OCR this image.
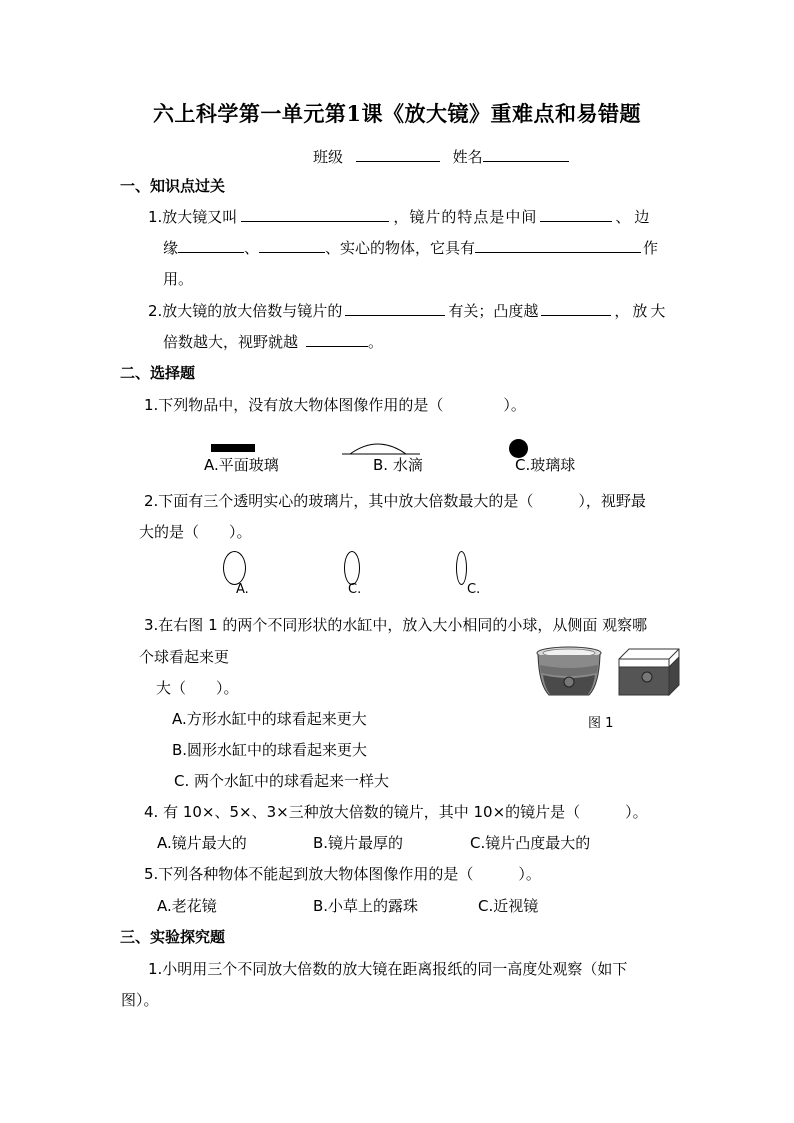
六上科学第一单元第1课《放大镜》重难点和易错题
班级	姓名
一、知识点过关
1.放大镜又叫	，镜片的特点是中间	、边
缘	、	、实心的物体，它具有	作
用。
2.放大镜的放大倍数与镜片的	有关；凸度越	，放大
倍数越大，视野就越	。
二、选择题
1.下列物品中，没有放大物体图像作用的是（　　　　）。
A.平面玻璃	B. 水滴	C.玻璃球
2.下面有三个透明实心的玻璃片，其中放大倍数最大的是（　　　），视野最
大的是（　　）。
A.	C.	C.
3.在右图 1 的两个不同形状的水缸中，放入大小相同的小球，从侧面 观察哪
个球看起来更
大（　　）。
图 1
A.方形水缸中的球看起来更大
B.圆形水缸中的球看起来更大
C. 两个水缸中的球看起来一样大
4. 有 10×、5×、3×三种放大倍数的镜片，其中 10×的镜片是（　　　）。
A.镜片最大的	B.镜片最厚的	C.镜片凸度最大的
5.下列各种物体不能起到放大物体图像作用的是（　　　）。
A.老花镜	B.小草上的露珠	C.近视镜
三、实验探究题
1.小明用三个不同放大倍数的放大镜在距离报纸的同一高度处观察（如下
图）。
